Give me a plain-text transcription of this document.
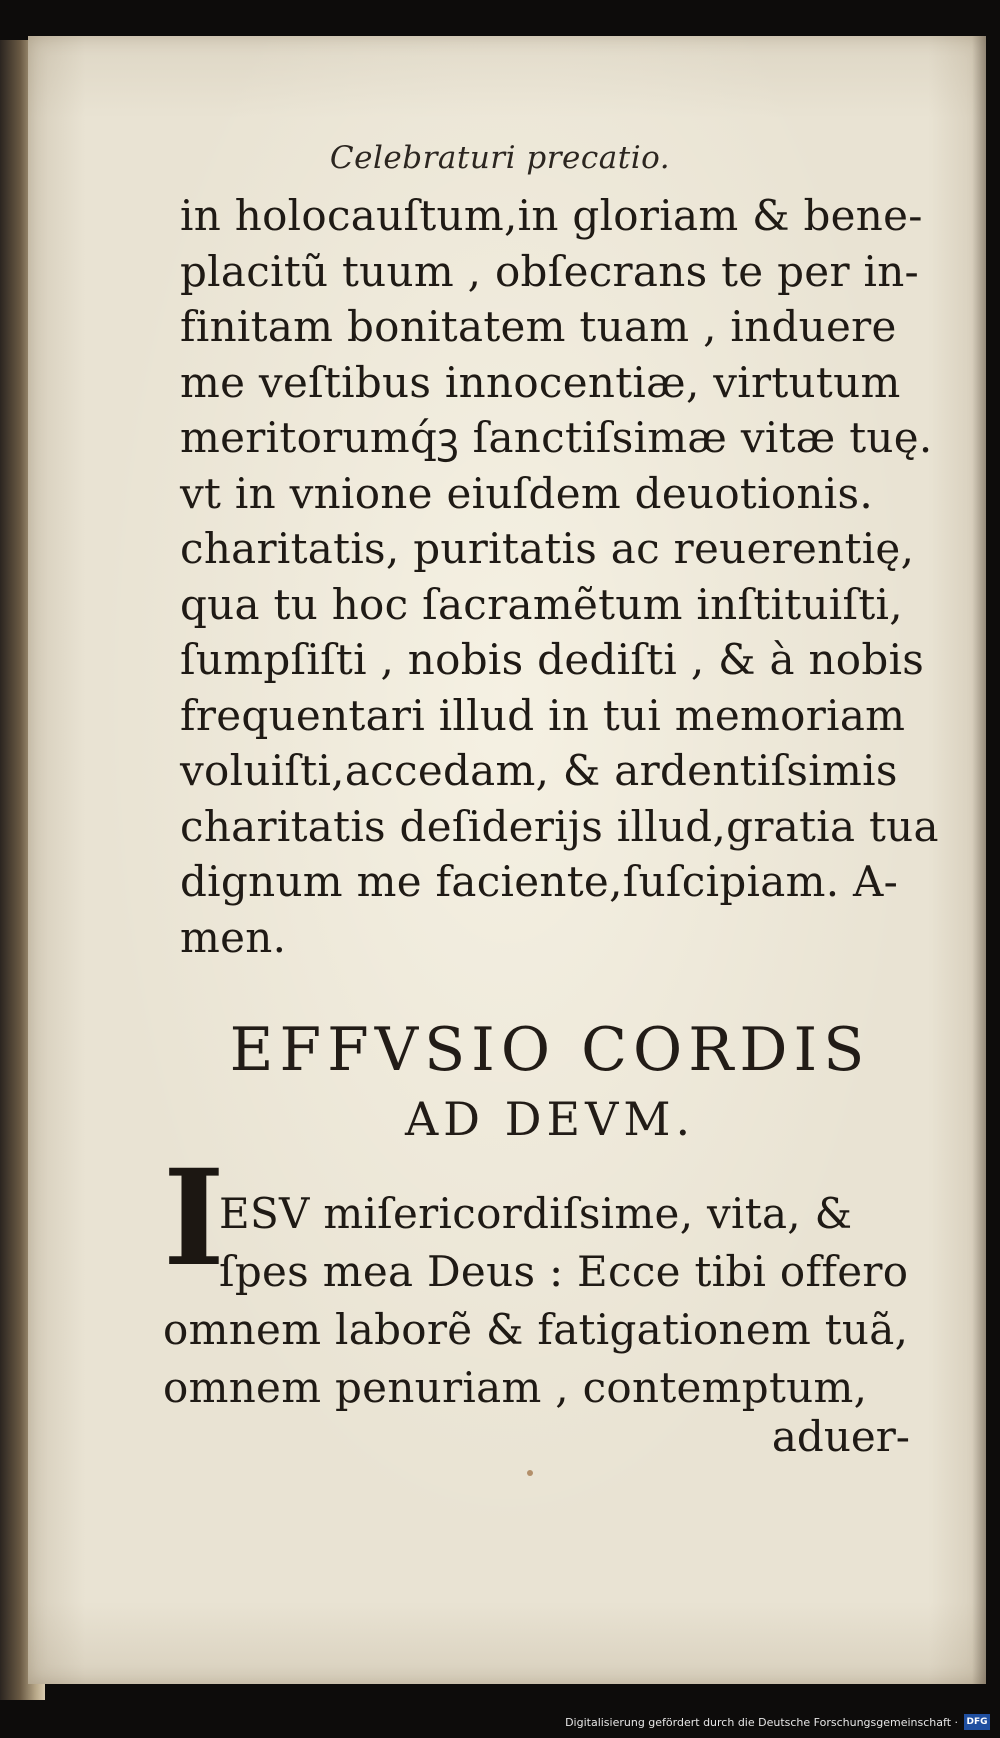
Celebraturi precatio.
in holocauſtum,in gloriam & bene-
placitũ tuum , obſecrans te per in-
finitam bonitatem tuam , induere
me veſtibus innocentiæ, virtutum
meritorumq́ꝫ ſanctiſsimæ vitæ tuę.
vt in vnione eiuſdem deuotionis.
charitatis, puritatis ac reuerentię,
qua tu hoc ſacramẽtum inſtituiſti,
ſumpſiſti , nobis dediſti , & à nobis
frequentari illud in tui memoriam
voluiſti,accedam, & ardentiſsimis
charitatis deſiderijs illud,gratia tua
dignum me faciente,ſuſcipiam. A-
men.
EFFVSIO CORDIS
AD DEVM.
I
ESV miſericordiſsime, vita, &
ſpes mea Deus : Ecce tibi offero
omnem laborẽ & fatigationem tuã,
omnem penuriam , contemptum,
aduer-
Digitalisierung gefördert durch die Deutsche Forschungsgemeinschaft · DFG
